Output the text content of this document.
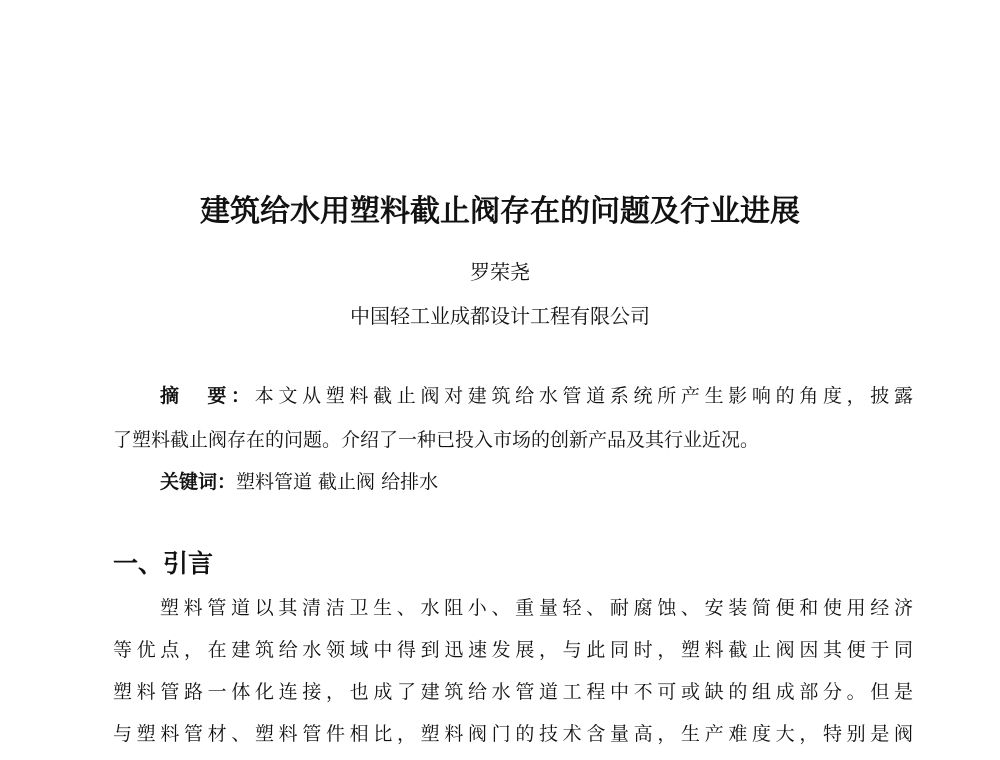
建筑给水用塑料截止阀存在的问题及行业进展
罗荣尧
中国轻工业成都设计工程有限公司
摘　要：本文从塑料截止阀对建筑给水管道系统所产生影响的角度，披露
了塑料截止阀存在的问题。介绍了一种已投入市场的创新产品及其行业近况。
关键词：塑料管道 截止阀 给排水
一、引言
塑料管道以其清洁卫生、水阻小、重量轻、耐腐蚀、安装简便和使用经济
等优点，在建筑给水领域中得到迅速发展，与此同时，塑料截止阀因其便于同
塑料管路一体化连接，也成了建筑给水管道工程中不可或缺的组成部分。但是
与塑料管材、塑料管件相比，塑料阀门的技术含量高，生产难度大，特别是阀
